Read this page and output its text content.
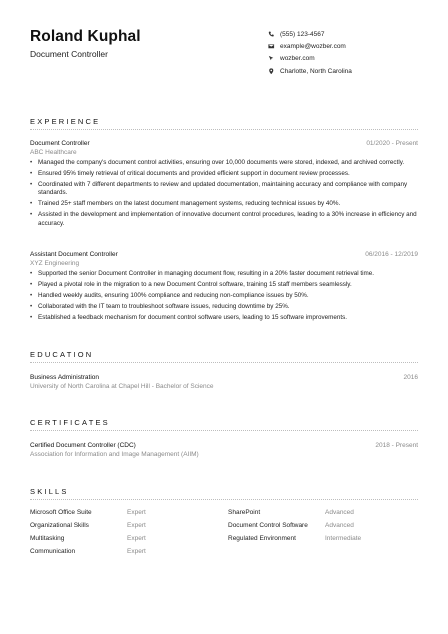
Roland Kuphal
Document Controller
(555) 123-4567
example@wozber.com
wozber.com
Charlotte, North Carolina
EXPERIENCE
Document Controller	01/2020 - Present
ABC Healthcare
• Managed the company's document control activities, ensuring over 10,000 documents were stored, indexed, and archived correctly.
• Ensured 95% timely retrieval of critical documents and provided efficient support in document review processes.
• Coordinated with 7 different departments to review and updated documentation, maintaining accuracy and compliance with company standards.
• Trained 25+ staff members on the latest document management systems, reducing technical issues by 40%.
• Assisted in the development and implementation of innovative document control procedures, leading to a 30% increase in efficiency and accuracy.
Assistant Document Controller	06/2016 - 12/2019
XYZ Engineering
• Supported the senior Document Controller in managing document flow, resulting in a 20% faster document retrieval time.
• Played a pivotal role in the migration to a new Document Control software, training 15 staff members seamlessly.
• Handled weekly audits, ensuring 100% compliance and reducing non-compliance issues by 50%.
• Collaborated with the IT team to troubleshoot software issues, reducing downtime by 25%.
• Established a feedback mechanism for document control software users, leading to 15 software improvements.
EDUCATION
Business Administration	2016
University of North Carolina at Chapel Hill - Bachelor of Science
CERTIFICATES
Certified Document Controller (CDC)	2018 - Present
Association for Information and Image Management (AIIM)
SKILLS
Microsoft Office Suite	Expert	SharePoint	Advanced
Organizational Skills	Expert	Document Control Software	Advanced
Multitasking	Expert	Regulated Environment	Intermediate
Communication	Expert
